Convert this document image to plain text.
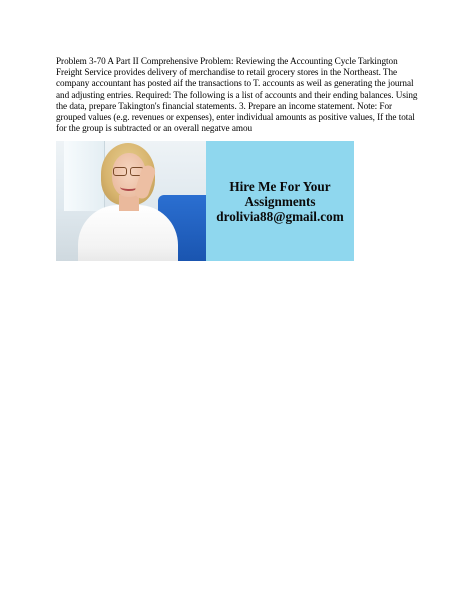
Problem 3-70 A Part II Comprehensive Problem: Reviewing the Accounting Cycle Tarkington Freight Service provides delivery of merchandise to retail grocery stores in the Northeast. The company accountant has posted aif the transactions to T. accounts as weil as generating the journal and adjusting entries. Required: The following is a list of accounts and their ending balances. Using the data, prepare Takington's financial statements. 3. Prepare an income statement. Note: For grouped values (e.g. revenues or expenses), enter individual amounts as positive values, If the total for the group is subtracted or an overall negatve amou

Hire Me For Your
Assignments
drolivia88@gmail.com
